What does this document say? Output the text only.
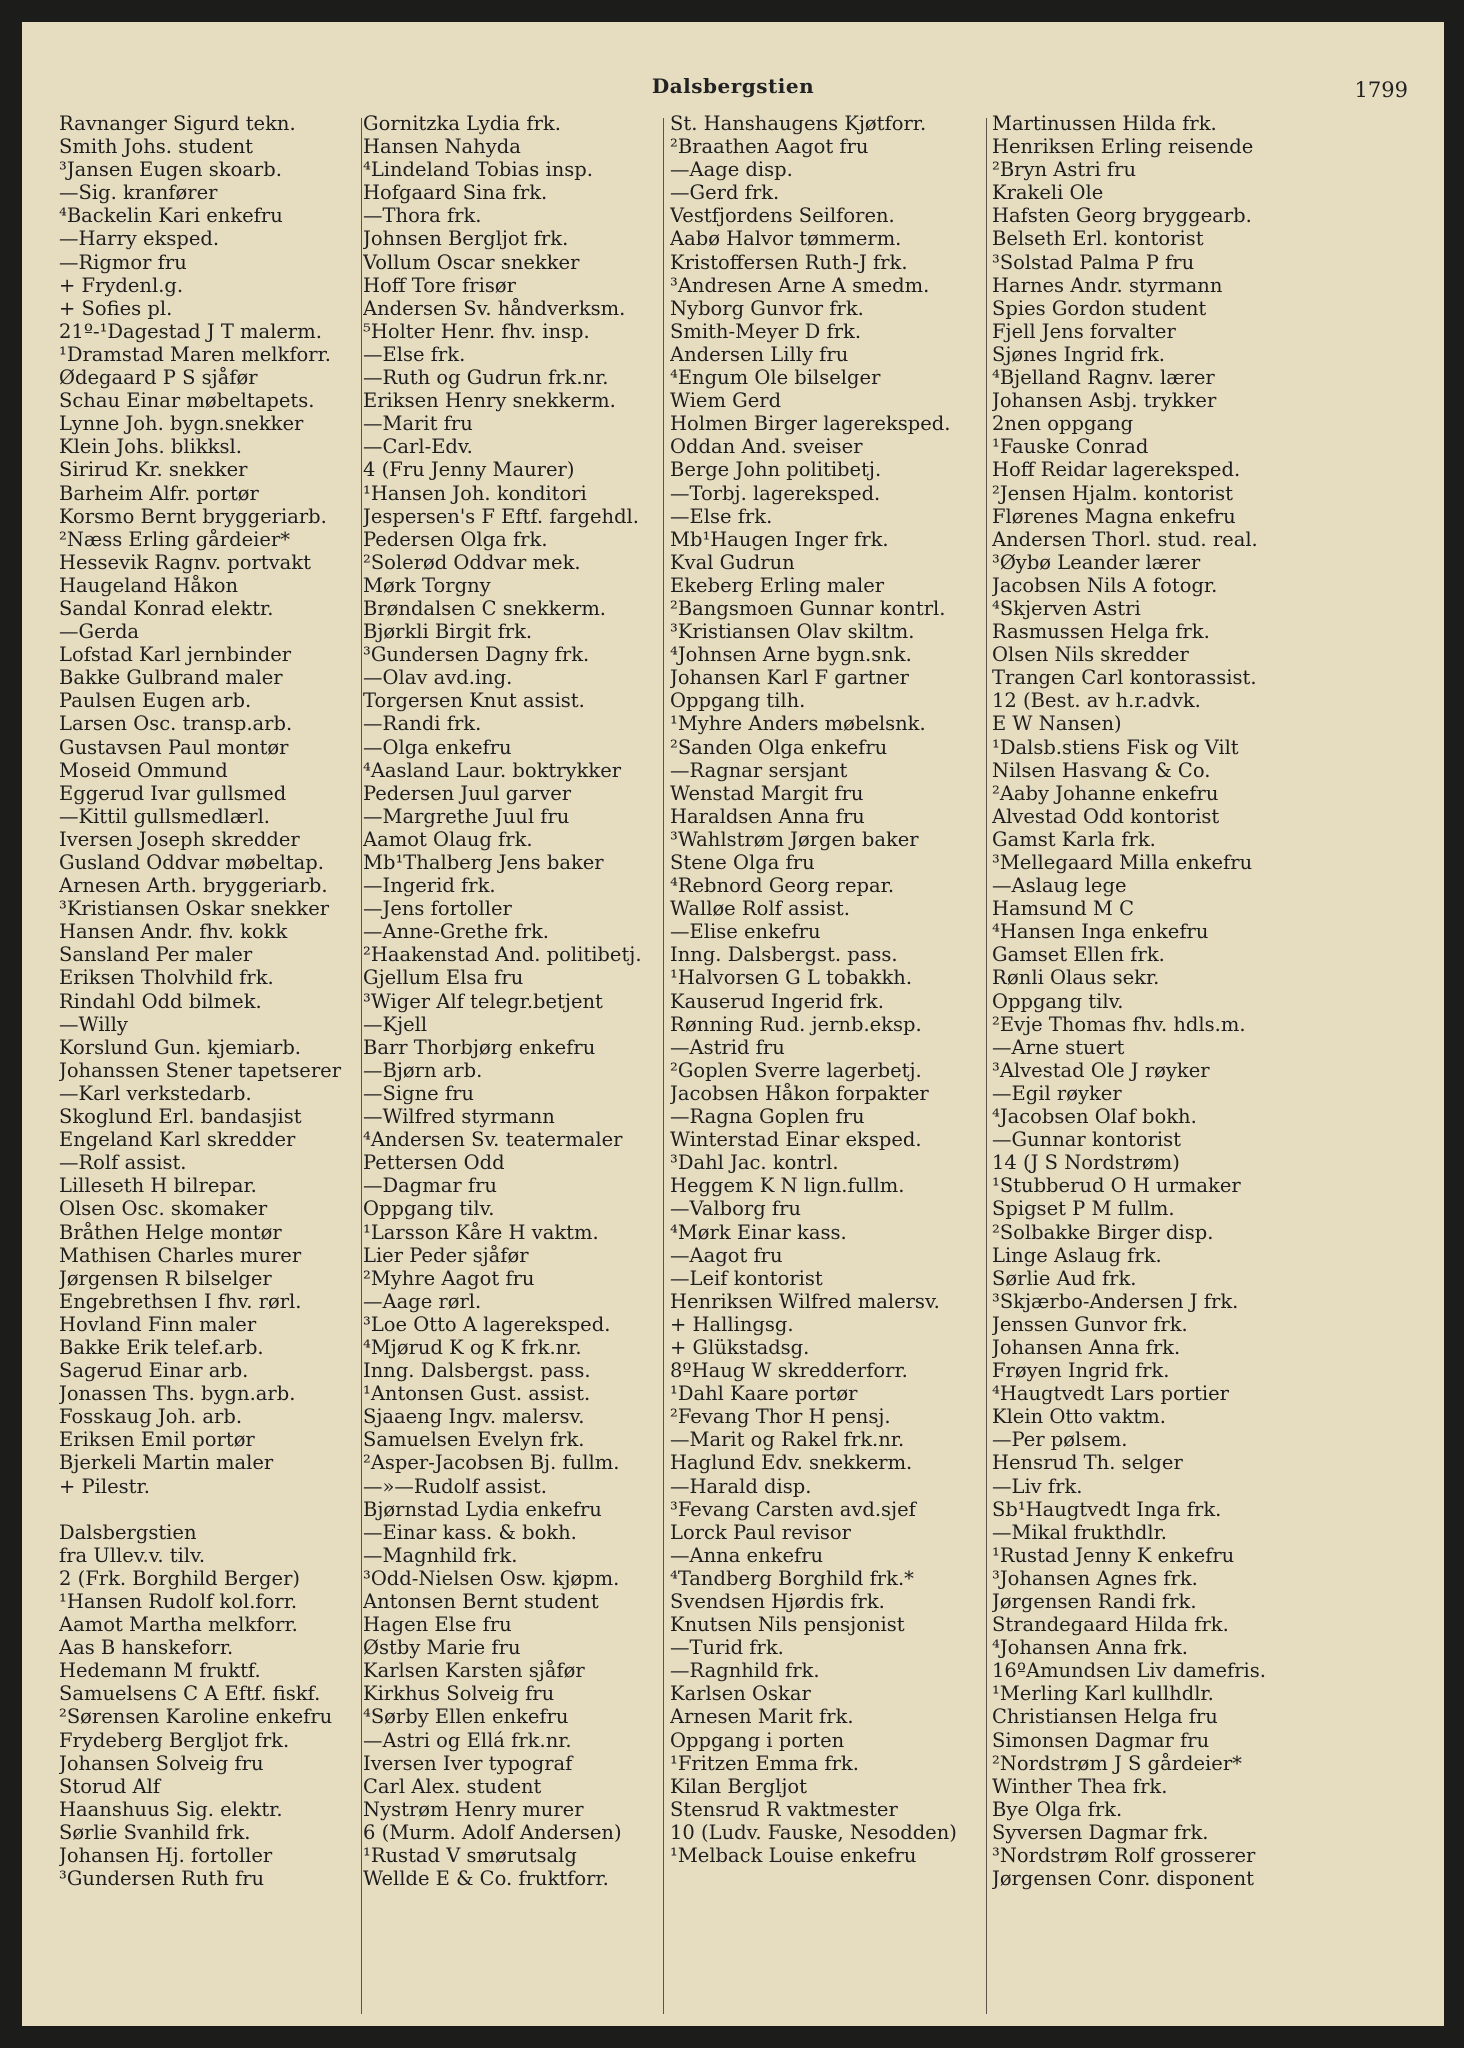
Dalsbergstien	1799
Ravnanger Sigurd tekn.
Smith Johs. student
³Jansen Eugen skoarb.
—Sig. kranfører
⁴Backelin Kari enkefru
—Harry eksped.
—Rigmor fru
+ Frydenl.g.
+ Sofies pl.
21º-¹Dagestad J T malerm.
¹Dramstad Maren melkforr.
Ødegaard P S sjåfør
Schau Einar møbeltapets.
Lynne Joh. bygn.snekker
Klein Johs. blikksl.
Sirirud Kr. snekker
Barheim Alfr. portør
Korsmo Bernt bryggeriarb.
²Næss Erling gårdeier*
Hessevik Ragnv. portvakt
Haugeland Håkon
Sandal Konrad elektr.
—Gerda
Lofstad Karl jernbinder
Bakke Gulbrand maler
Paulsen Eugen arb.
Larsen Osc. transp.arb.
Gustavsen Paul montør
Moseid Ommund
Eggerud Ivar gullsmed
—Kittil gullsmedlærl.
Iversen Joseph skredder
Gusland Oddvar møbeltap.
Arnesen Arth. bryggeriarb.
³Kristiansen Oskar snekker
Hansen Andr. fhv. kokk
Sansland Per maler
Eriksen Tholvhild frk.
Rindahl Odd bilmek.
—Willy
Korslund Gun. kjemiarb.
Johanssen Stener tapetserer
—Karl verkstedarb.
Skoglund Erl. bandasjist
Engeland Karl skredder
—Rolf assist.
Lilleseth H bilrepar.
Olsen Osc. skomaker
Bråthen Helge montør
Mathisen Charles murer
Jørgensen R bilselger
Engebrethsen I fhv. rørl.
Hovland Finn maler
Bakke Erik telef.arb.
Sagerud Einar arb.
Jonassen Ths. bygn.arb.
Fosskaug Joh. arb.
Eriksen Emil portør
Bjerkeli Martin maler
+ Pilestr.
Dalsbergstien
fra Ullev.v. tilv.
2 (Frk. Borghild Berger)
¹Hansen Rudolf kol.forr.
Aamot Martha melkforr.
Aas B hanskeforr.
Hedemann M fruktf.
Samuelsens C A Eftf. fiskf.
²Sørensen Karoline enkefru
Frydeberg Bergljot frk.
Johansen Solveig fru
Storud Alf
Haanshuus Sig. elektr.
Sørlie Svanhild frk.
Johansen Hj. fortoller
³Gundersen Ruth fru
Gornitzka Lydia frk.
Hansen Nahyda
⁴Lindeland Tobias insp.
Hofgaard Sina frk.
—Thora frk.
Johnsen Bergljot frk.
Vollum Oscar snekker
Hoff Tore frisør
Andersen Sv. håndverksm.
⁵Holter Henr. fhv. insp.
—Else frk.
—Ruth og Gudrun frk.nr.
Eriksen Henry snekkerm.
—Marit fru
—Carl-Edv.
4 (Fru Jenny Maurer)
¹Hansen Joh. konditori
Jespersen's F Eftf. fargehdl.
Pedersen Olga frk.
²Solerød Oddvar mek.
Mørk Torgny
Brøndalsen C snekkerm.
Bjørkli Birgit frk.
³Gundersen Dagny frk.
—Olav avd.ing.
Torgersen Knut assist.
—Randi frk.
—Olga enkefru
⁴Aasland Laur. boktrykker
Pedersen Juul garver
—Margrethe Juul fru
Aamot Olaug frk.
Mb¹Thalberg Jens baker
—Ingerid frk.
—Jens fortoller
—Anne-Grethe frk.
²Haakenstad And. politibetj.
Gjellum Elsa fru
³Wiger Alf telegr.betjent
—Kjell
Barr Thorbjørg enkefru
—Bjørn arb.
—Signe fru
—Wilfred styrmann
⁴Andersen Sv. teatermaler
Pettersen Odd
—Dagmar fru
Oppgang tilv.
¹Larsson Kåre H vaktm.
Lier Peder sjåfør
²Myhre Aagot fru
—Aage rørl.
³Loe Otto A lagereksped.
⁴Mjørud K og K frk.nr.
Inng. Dalsbergst. pass.
¹Antonsen Gust. assist.
Sjaaeng Ingv. malersv.
Samuelsen Evelyn frk.
²Asper-Jacobsen Bj. fullm.
—»—Rudolf assist.
Bjørnstad Lydia enkefru
—Einar kass. & bokh.
—Magnhild frk.
³Odd-Nielsen Osw. kjøpm.
Antonsen Bernt student
Hagen Else fru
Østby Marie fru
Karlsen Karsten sjåfør
Kirkhus Solveig fru
⁴Sørby Ellen enkefru
—Astri og Ellá frk.nr.
Iversen Iver typograf
Carl Alex. student
Nystrøm Henry murer
6 (Murm. Adolf Andersen)
¹Rustad V smørutsalg
Wellde E & Co. fruktforr.
St. Hanshaugens Kjøtforr.
²Braathen Aagot fru
—Aage disp.
—Gerd frk.
Vestfjordens Seilforen.
Aabø Halvor tømmerm.
Kristoffersen Ruth-J frk.
³Andresen Arne A smedm.
Nyborg Gunvor frk.
Smith-Meyer D frk.
Andersen Lilly fru
⁴Engum Ole bilselger
Wiem Gerd
Holmen Birger lagereksped.
Oddan And. sveiser
Berge John politibetj.
—Torbj. lagereksped.
—Else frk.
Mb¹Haugen Inger frk.
Kval Gudrun
Ekeberg Erling maler
²Bangsmoen Gunnar kontrl.
³Kristiansen Olav skiltm.
⁴Johnsen Arne bygn.snk.
Johansen Karl F gartner
Oppgang tilh.
¹Myhre Anders møbelsnk.
²Sanden Olga enkefru
—Ragnar sersjant
Wenstad Margit fru
Haraldsen Anna fru
³Wahlstrøm Jørgen baker
Stene Olga fru
⁴Rebnord Georg repar.
Walløe Rolf assist.
—Elise enkefru
Inng. Dalsbergst. pass.
¹Halvorsen G L tobakkh.
Kauserud Ingerid frk.
Rønning Rud. jernb.eksp.
—Astrid fru
²Goplen Sverre lagerbetj.
Jacobsen Håkon forpakter
—Ragna Goplen fru
Winterstad Einar eksped.
³Dahl Jac. kontrl.
Heggem K N lign.fullm.
—Valborg fru
⁴Mørk Einar kass.
—Aagot fru
—Leif kontorist
Henriksen Wilfred malersv.
+ Hallingsg.
+ Glükstadsg.
8ºHaug W skredderforr.
¹Dahl Kaare portør
²Fevang Thor H pensj.
—Marit og Rakel frk.nr.
Haglund Edv. snekkerm.
—Harald disp.
³Fevang Carsten avd.sjef
Lorck Paul revisor
—Anna enkefru
⁴Tandberg Borghild frk.*
Svendsen Hjørdis frk.
Knutsen Nils pensjonist
—Turid frk.
—Ragnhild frk.
Karlsen Oskar
Arnesen Marit frk.
Oppgang i porten
¹Fritzen Emma frk.
Kilan Bergljot
Stensrud R vaktmester
10 (Ludv. Fauske, Nesodden)
¹Melback Louise enkefru
Martinussen Hilda frk.
Henriksen Erling reisende
²Bryn Astri fru
Krakeli Ole
Hafsten Georg bryggearb.
Belseth Erl. kontorist
³Solstad Palma P fru
Harnes Andr. styrmann
Spies Gordon student
Fjell Jens forvalter
Sjønes Ingrid frk.
⁴Bjelland Ragnv. lærer
Johansen Asbj. trykker
2nen oppgang
¹Fauske Conrad
Hoff Reidar lagereksped.
²Jensen Hjalm. kontorist
Flørenes Magna enkefru
Andersen Thorl. stud. real.
³Øybø Leander lærer
Jacobsen Nils A fotogr.
⁴Skjerven Astri
Rasmussen Helga frk.
Olsen Nils skredder
Trangen Carl kontorassist.
12 (Best. av h.r.advk.
E W Nansen)
¹Dalsb.stiens Fisk og Vilt
Nilsen Hasvang & Co.
²Aaby Johanne enkefru
Alvestad Odd kontorist
Gamst Karla frk.
³Mellegaard Milla enkefru
—Aslaug lege
Hamsund M C
⁴Hansen Inga enkefru
Gamset Ellen frk.
Rønli Olaus sekr.
Oppgang tilv.
²Evje Thomas fhv. hdls.m.
—Arne stuert
³Alvestad Ole J røyker
—Egil røyker
⁴Jacobsen Olaf bokh.
—Gunnar kontorist
14 (J S Nordstrøm)
¹Stubberud O H urmaker
Spigset P M fullm.
²Solbakke Birger disp.
Linge Aslaug frk.
Sørlie Aud frk.
³Skjærbo-Andersen J frk.
Jenssen Gunvor frk.
Johansen Anna frk.
Frøyen Ingrid frk.
⁴Haugtvedt Lars portier
Klein Otto vaktm.
—Per pølsem.
Hensrud Th. selger
—Liv frk.
Sb¹Haugtvedt Inga frk.
—Mikal frukthdlr.
¹Rustad Jenny K enkefru
³Johansen Agnes frk.
Jørgensen Randi frk.
Strandegaard Hilda frk.
⁴Johansen Anna frk.
16ºAmundsen Liv damefris.
¹Merling Karl kullhdlr.
Christiansen Helga fru
Simonsen Dagmar fru
²Nordstrøm J S gårdeier*
Winther Thea frk.
Bye Olga frk.
Syversen Dagmar frk.
³Nordstrøm Rolf grosserer
Jørgensen Conr. disponent
